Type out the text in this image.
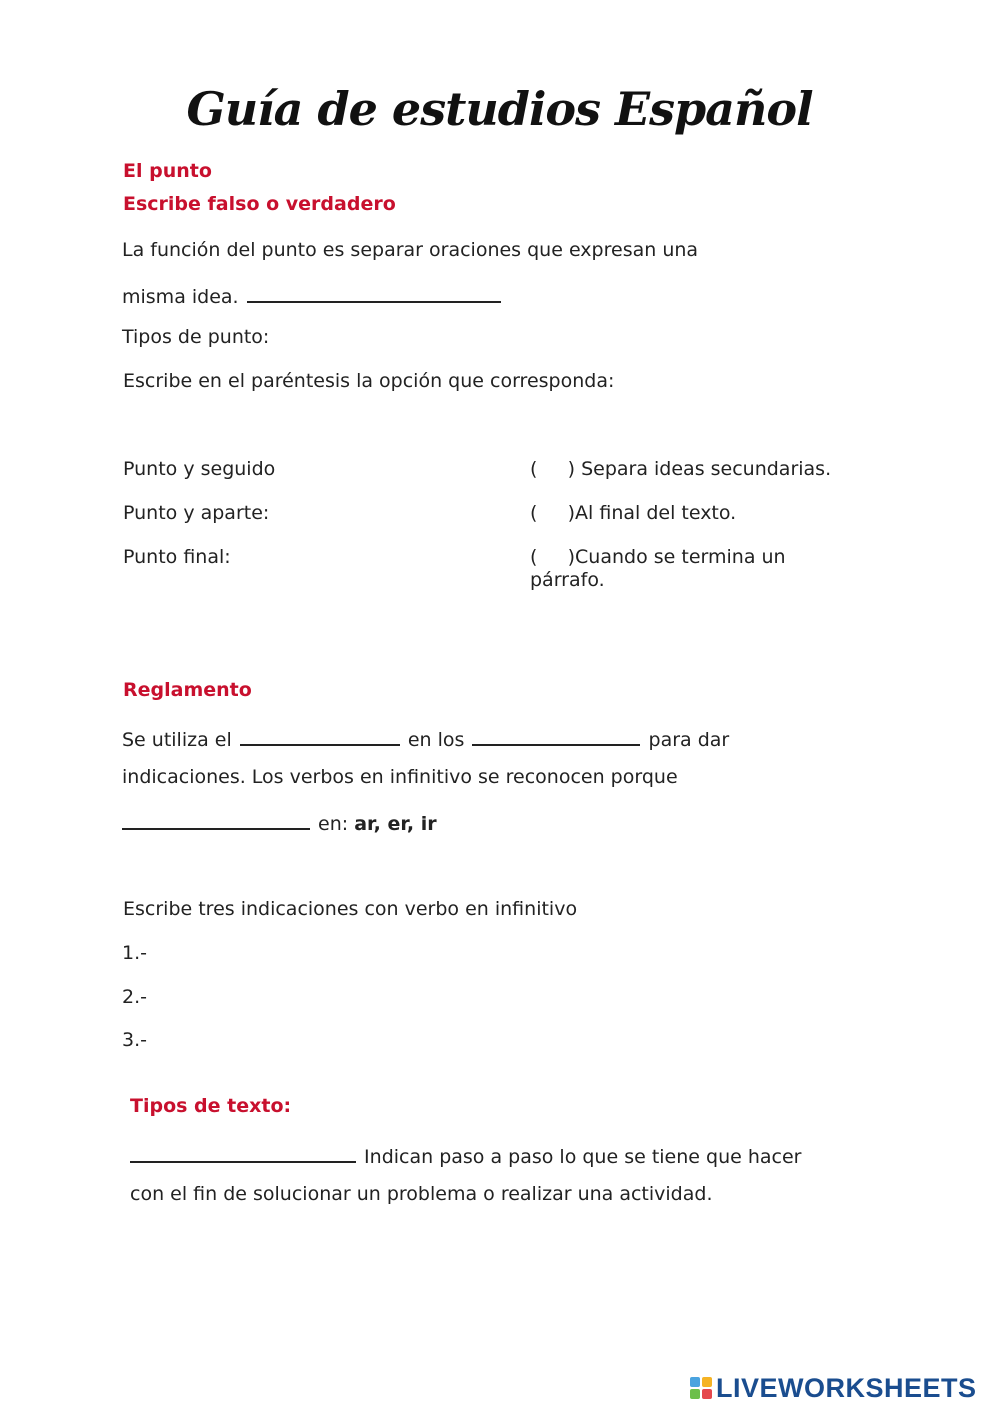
Guía de estudios Español
El punto
Escribe falso o verdadero
La función del punto es separar oraciones que expresan una
misma idea.
Tipos de punto:
Escribe en el paréntesis la opción que corresponda:
Punto y seguido
Punto y aparte:
Punto final:
(     ) Separa ideas secundarias.
(     )Al final del texto.
(     )Cuando se termina un
párrafo.
Reglamento
Se utiliza el	en los	para dar
indicaciones. Los verbos en infinitivo se reconocen porque
en: ar, er, ir
Escribe tres indicaciones con verbo en infinitivo
1.-
2.-
3.-
Tipos de texto:
Indican paso a paso lo que se tiene que hacer
con el fin de solucionar un problema o realizar una actividad.
LIVEWORKSHEETS
